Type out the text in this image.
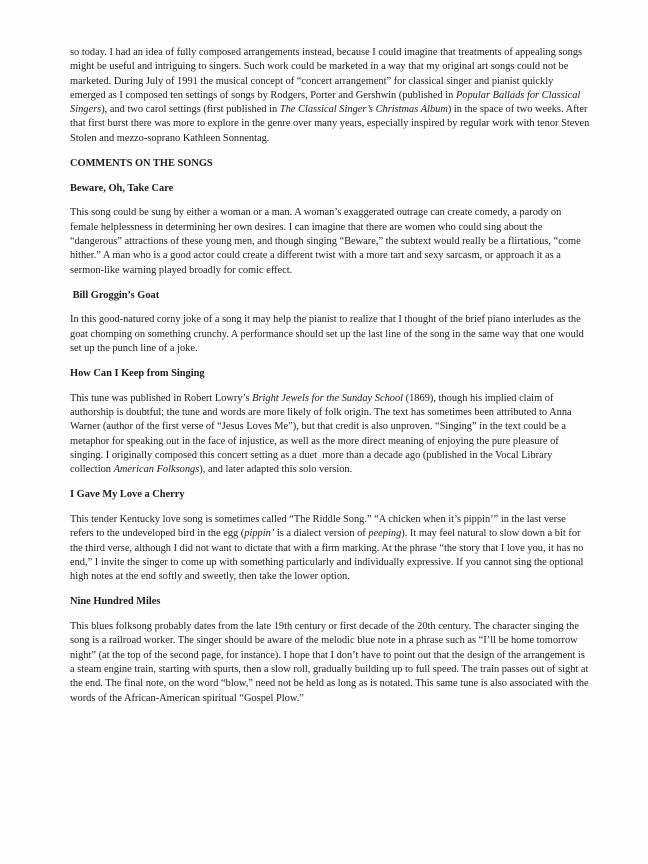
so today. I had an idea of fully composed arrangements instead, because I could imagine that treatments of appealing songs might be useful and intriguing to singers. Such work could be marketed in a way that my original art songs could not be marketed. During July of 1991 the musical concept of “concert arrangement” for classical singer and pianist quickly emerged as I composed ten settings of songs by Rodgers, Porter and Gershwin (published in Popular Ballads for Classical Singers), and two carol settings (first published in The Classical Singer’s Christmas Album) in the space of two weeks. After that first burst there was more to explore in the genre over many years, especially inspired by regular work with tenor Steven Stolen and mezzo-soprano Kathleen Sonnentag.

COMMENTS ON THE SONGS

Beware, Oh, Take Care

This song could be sung by either a woman or a man. A woman’s exaggerated outrage can create comedy, a parody on female helplessness in determining her own desires. I can imagine that there are women who could sing about the “dangerous” attractions of these young men, and though singing “Beware,” the subtext would really be a flirtatious, “come hither.” A man who is a good actor could create a different twist with a more tart and sexy sarcasm, or approach it as a sermon-like warning played broadly for comic effect.

Bill Groggin’s Goat

In this good-natured corny joke of a song it may help the pianist to realize that I thought of the brief piano interludes as the goat chomping on something crunchy. A performance should set up the last line of the song in the same way that one would set up the punch line of a joke.

How Can I Keep from Singing

This tune was published in Robert Lowry’s Bright Jewels for the Sunday School (1869), though his implied claim of authorship is doubtful; the tune and words are more likely of folk origin. The text has sometimes been attributed to Anna Warner (author of the first verse of “Jesus Loves Me”), but that credit is also unproven. “Singing” in the text could be a metaphor for speaking out in the face of injustice, as well as the more direct meaning of enjoying the pure pleasure of singing. I originally composed this concert setting as a duet  more than a decade ago (published in the Vocal Library collection American Folksongs), and later adapted this solo version.

I Gave My Love a Cherry

This tender Kentucky love song is sometimes called “The Riddle Song.” “A chicken when it’s pippin’” in the last verse refers to the undeveloped bird in the egg (pippin’ is a dialect version of peeping). It may feel natural to slow down a bit for the third verse, although I did not want to dictate that with a firm marking. At the phrase “the story that I love you, it has no end,” I invite the singer to come up with something particularly and individually expressive. If you cannot sing the optional high notes at the end softly and sweetly, then take the lower option.

Nine Hundred Miles

This blues folksong probably dates from the late 19th century or first decade of the 20th century. The character singing the song is a railroad worker. The singer should be aware of the melodic blue note in a phrase such as “I’ll be home tomorrow night” (at the top of the second page, for instance). I hope that I don’t have to point out that the design of the arrangement is a steam engine train, starting with spurts, then a slow roll, gradually building up to full speed. The train passes out of sight at the end. The final note, on the word “blow,” need not be held as long as is notated. This same tune is also associated with the words of the African-American spiritual “Gospel Plow.”
